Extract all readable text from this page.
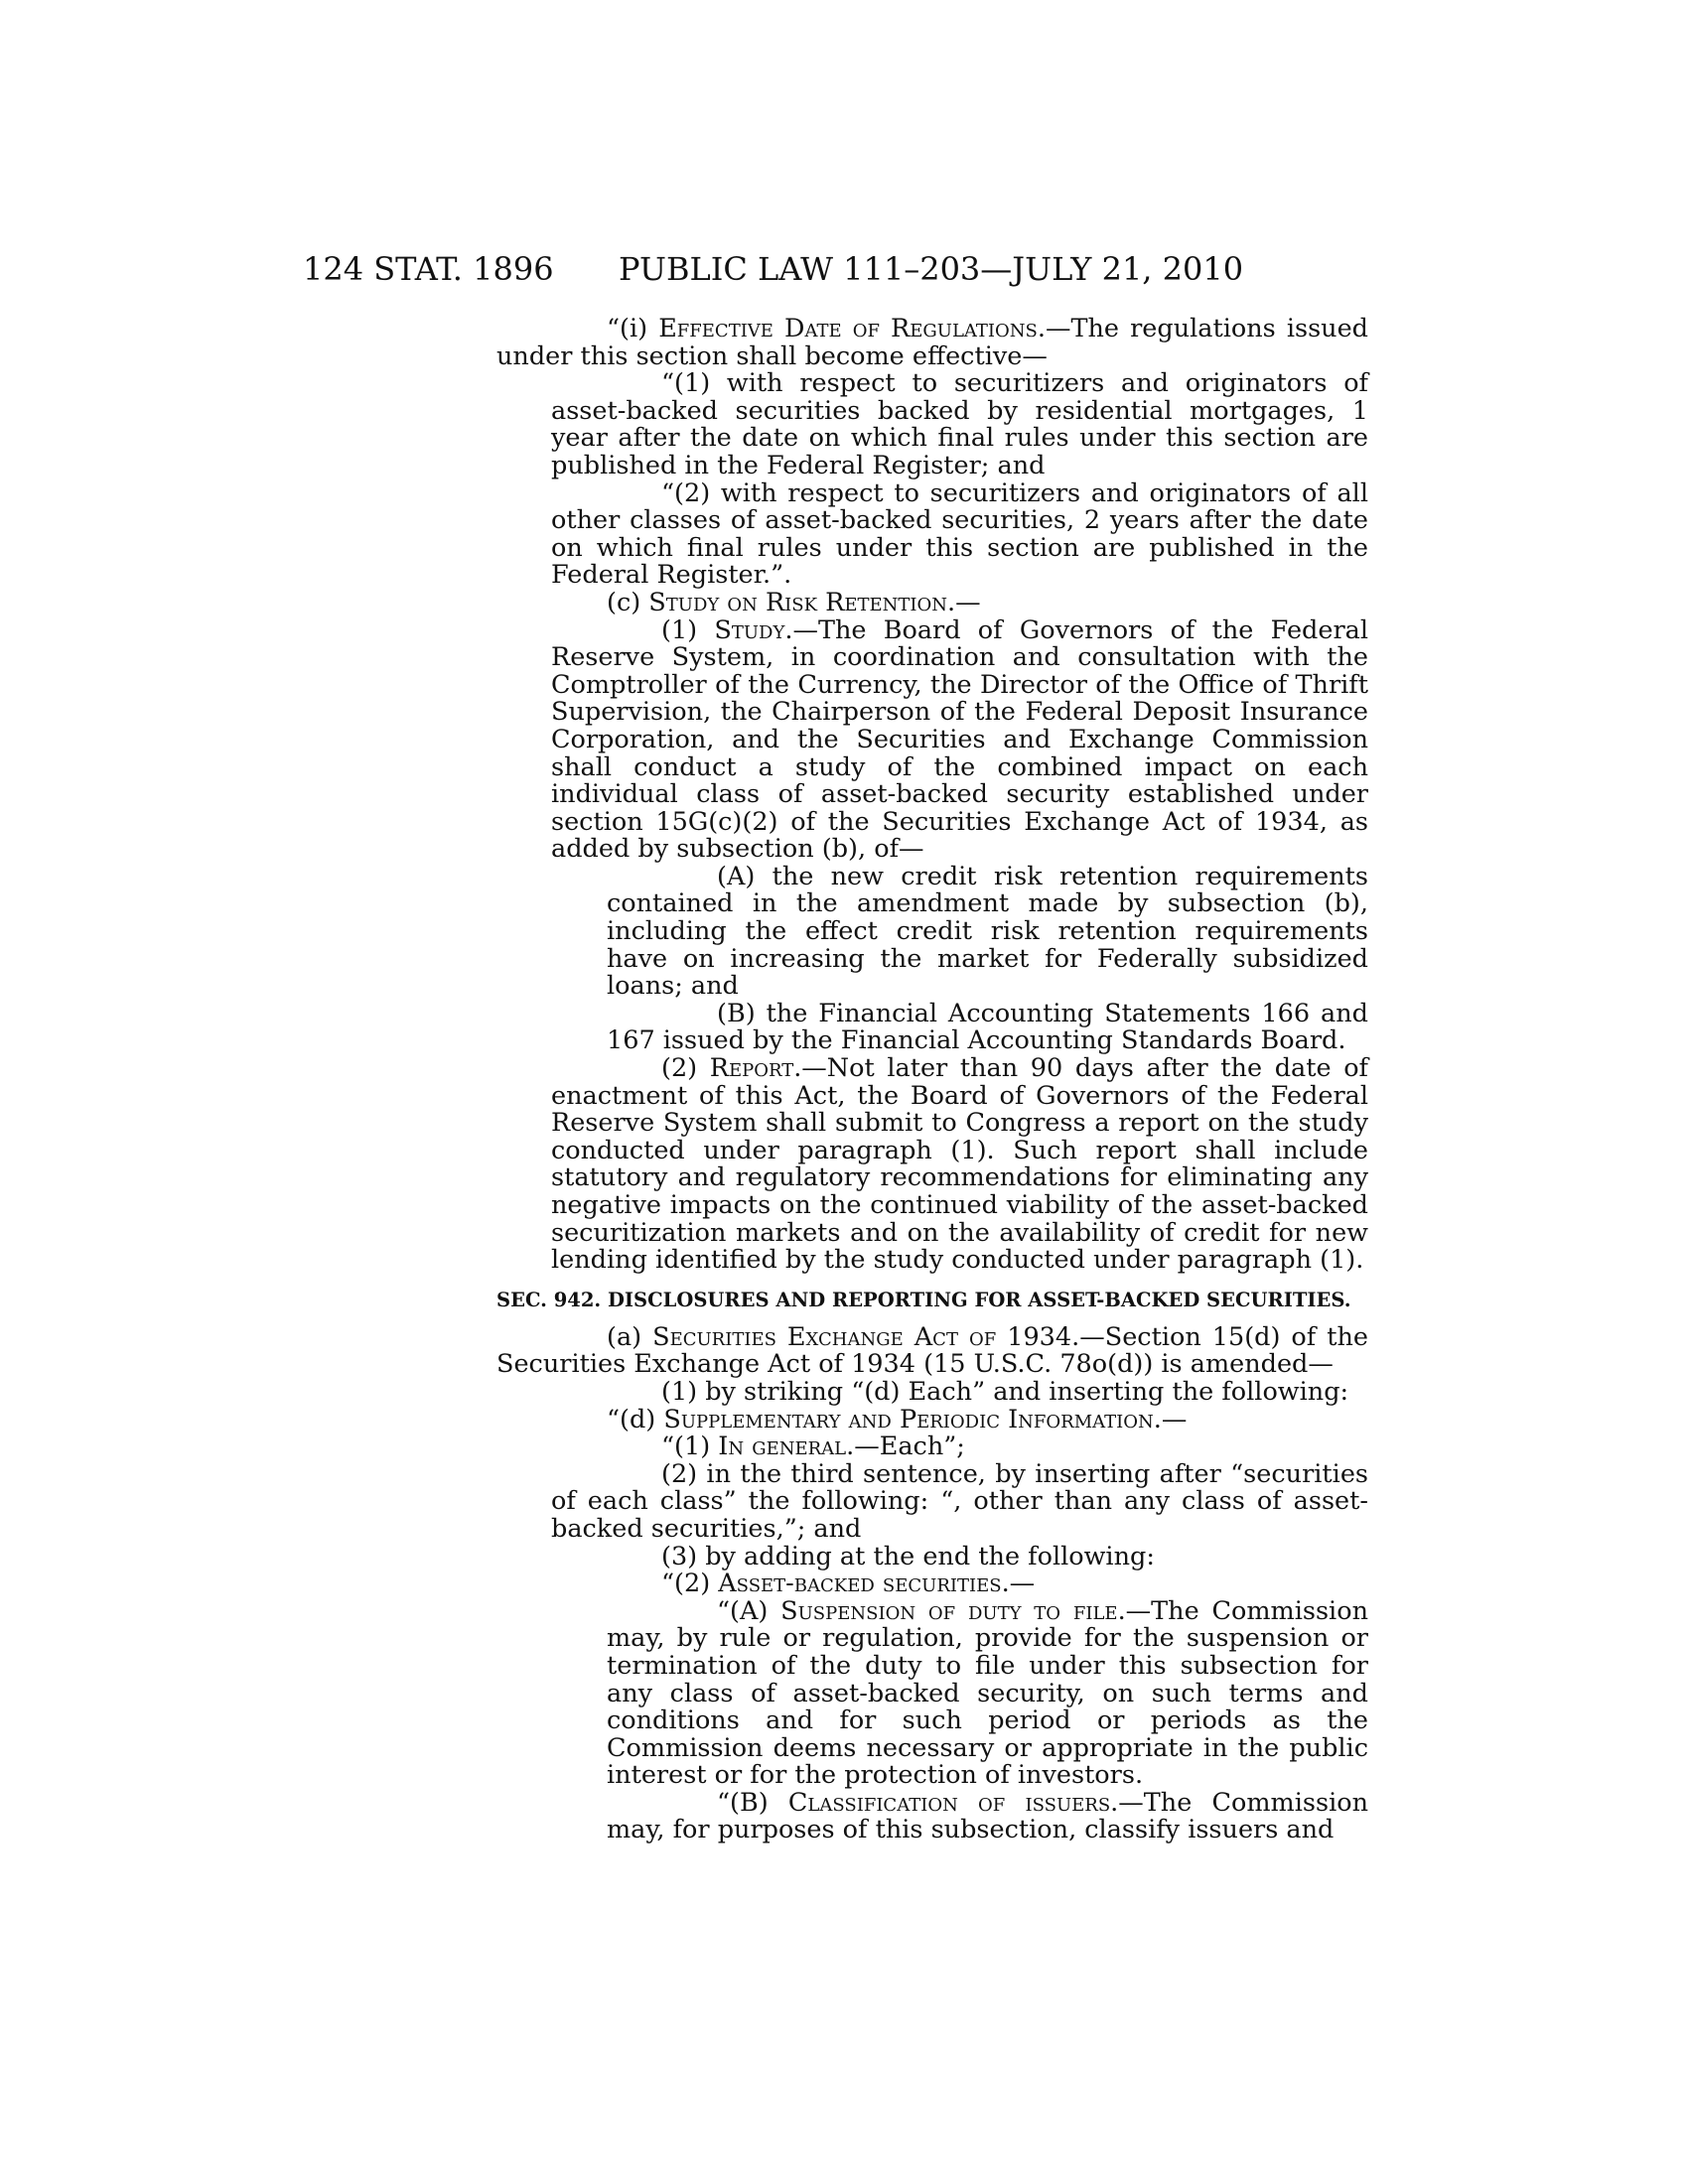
124 STAT. 1896 PUBLIC LAW 111–203—JULY 21, 2010

“(i) Effective Date of Regulations.—The regulations issued under this section shall become effective—

“(1) with respect to securitizers and originators of asset-backed securities backed by residential mortgages, 1 year after the date on which final rules under this section are published in the Federal Register; and

“(2) with respect to securitizers and originators of all other classes of asset-backed securities, 2 years after the date on which final rules under this section are published in the Federal Register.”.

(c) Study on Risk Retention.—

(1) Study.—The Board of Governors of the Federal Reserve System, in coordination and consultation with the Comptroller of the Currency, the Director of the Office of Thrift Supervision, the Chairperson of the Federal Deposit Insurance Corporation, and the Securities and Exchange Commission shall conduct a study of the combined impact on each individual class of asset-backed security established under section 15G(c)(2) of the Securities Exchange Act of 1934, as added by subsection (b), of—

(A) the new credit risk retention requirements contained in the amendment made by subsection (b), including the effect credit risk retention requirements have on increasing the market for Federally subsidized loans; and

(B) the Financial Accounting Statements 166 and 167 issued by the Financial Accounting Standards Board.

(2) Report.—Not later than 90 days after the date of enactment of this Act, the Board of Governors of the Federal Reserve System shall submit to Congress a report on the study conducted under paragraph (1). Such report shall include statutory and regulatory recommendations for eliminating any negative impacts on the continued viability of the asset-backed securitization markets and on the availability of credit for new lending identified by the study conducted under paragraph (1).

SEC. 942. DISCLOSURES AND REPORTING FOR ASSET-BACKED SECURITIES.

(a) Securities Exchange Act of 1934.—Section 15(d) of the Securities Exchange Act of 1934 (15 U.S.C. 78o(d)) is amended—

(1) by striking “(d) Each” and inserting the following:

“(d) Supplementary and Periodic Information.—

“(1) In general.—Each”;

(2) in the third sentence, by inserting after “securities of each class” the following: “, other than any class of asset-backed securities,”; and

(3) by adding at the end the following:

“(2) Asset-backed securities.—

“(A) Suspension of duty to file.—The Commission may, by rule or regulation, provide for the suspension or termination of the duty to file under this subsection for any class of asset-backed security, on such terms and conditions and for such period or periods as the Commission deems necessary or appropriate in the public interest or for the protection of investors.

“(B) Classification of issuers.—The Commission may, for purposes of this subsection, classify issuers and
